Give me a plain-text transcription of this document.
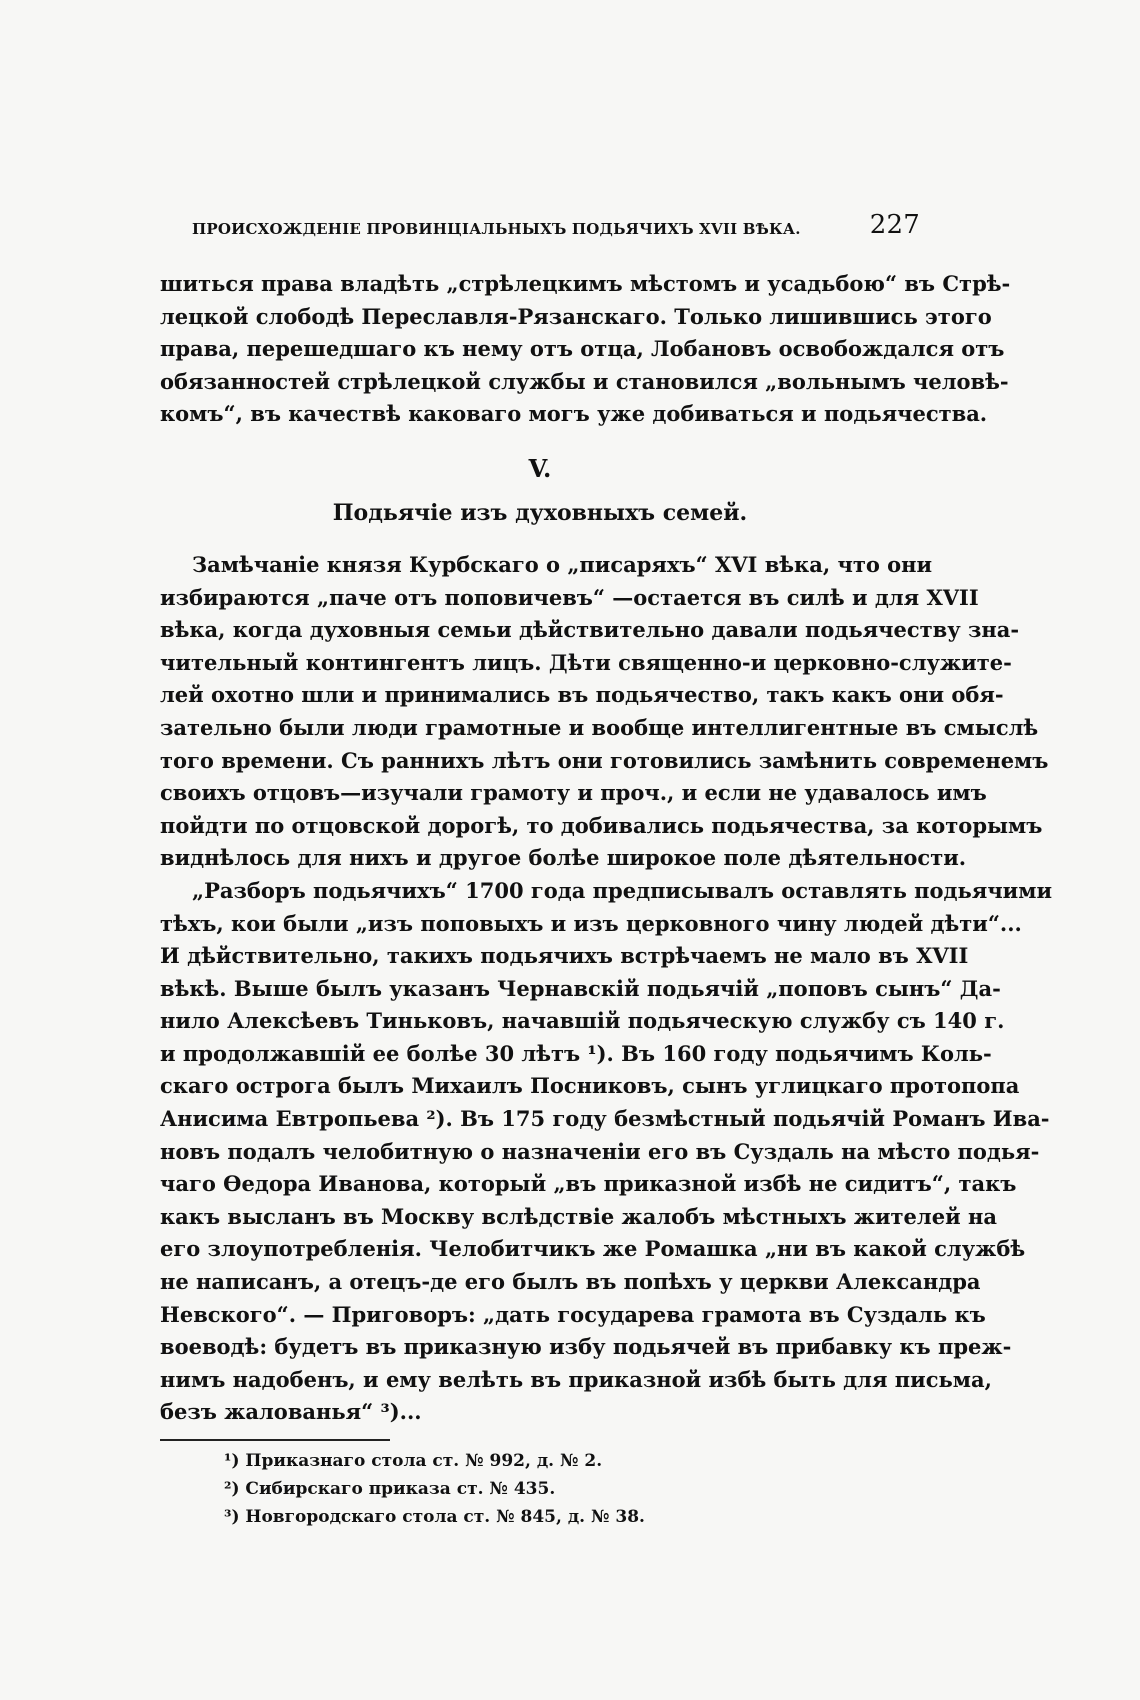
ПРОИСХОЖДЕНІЕ ПРОВИНЦІАЛЬНЫХЪ ПОДЬЯЧИХЪ XVII ВѢКА.	227
шиться права владѣть „стрѣлецкимъ мѣстомъ и усадьбою“ въ Стрѣ-
лецкой слободѣ Переславля-Рязанскаго. Только лишившись этого
права, перешедшаго къ нему отъ отца, Лобановъ освобождался отъ
обязанностей стрѣлецкой службы и становился „вольнымъ человѣ-
комъ“, въ качествѣ каковаго могъ уже добиваться и подьячества.
V.
Подьячіе изъ духовныхъ семей.
Замѣчаніе князя Курбскаго о „писаряхъ“ XVI вѣка, что они
избираются „паче отъ поповичевъ“ —остается въ силѣ и для XVII
вѣка, когда духовныя семьи дѣйствительно давали подьячеству зна-
чительный контингентъ лицъ. Дѣти священно-и церковно-служите-
лей охотно шли и принимались въ подьячество, такъ какъ они обя-
зательно были люди грамотные и вообще интеллигентные въ смыслѣ
того времени. Съ раннихъ лѣтъ они готовились замѣнить современемъ
своихъ отцовъ—изучали грамоту и проч., и если не удавалось имъ
пойдти по отцовской дорогѣ, то добивались подьячества, за которымъ
виднѣлось для нихъ и другое болѣе широкое поле дѣятельности.
„Разборъ подьячихъ“ 1700 года предписывалъ оставлять подьячими
тѣхъ, кои были „изъ поповыхъ и изъ церковного чину людей дѣти“...
И дѣйствительно, такихъ подьячихъ встрѣчаемъ не мало въ XVII
вѣкѣ. Выше былъ указанъ Чернавскій подьячій „поповъ сынъ“ Да-
нило Алексѣевъ Тиньковъ, начавшій подьяческую службу съ 140 г.
и продолжавшій ее болѣе 30 лѣтъ ¹). Въ 160 году подьячимъ Коль-
скаго острога былъ Михаилъ Посниковъ, сынъ углицкаго протопопа
Анисима Евтропьева ²). Въ 175 году безмѣстный подьячій Романъ Ива-
новъ подалъ челобитную о назначеніи его въ Суздаль на мѣсто подья-
чаго Ѳедора Иванова, который „въ приказной избѣ не сидитъ“, такъ
какъ высланъ въ Москву вслѣдствіе жалобъ мѣстныхъ жителей на
его злоупотребленія. Челобитчикъ же Ромашка „ни въ какой службѣ
не написанъ, а отецъ-де его былъ въ попѣхъ у церкви Александра
Невского“. — Приговоръ: „дать государева грамота въ Суздаль къ
воеводѣ: будетъ въ приказную избу подьячей въ прибавку къ преж-
нимъ надобенъ, и ему велѣть въ приказной избѣ быть для письма,
безъ жалованья“ ³)...
¹) Приказнаго стола ст. № 992, д. № 2.
²) Сибирскаго приказа ст. № 435.
³) Новгородскаго стола ст. № 845, д. № 38.
